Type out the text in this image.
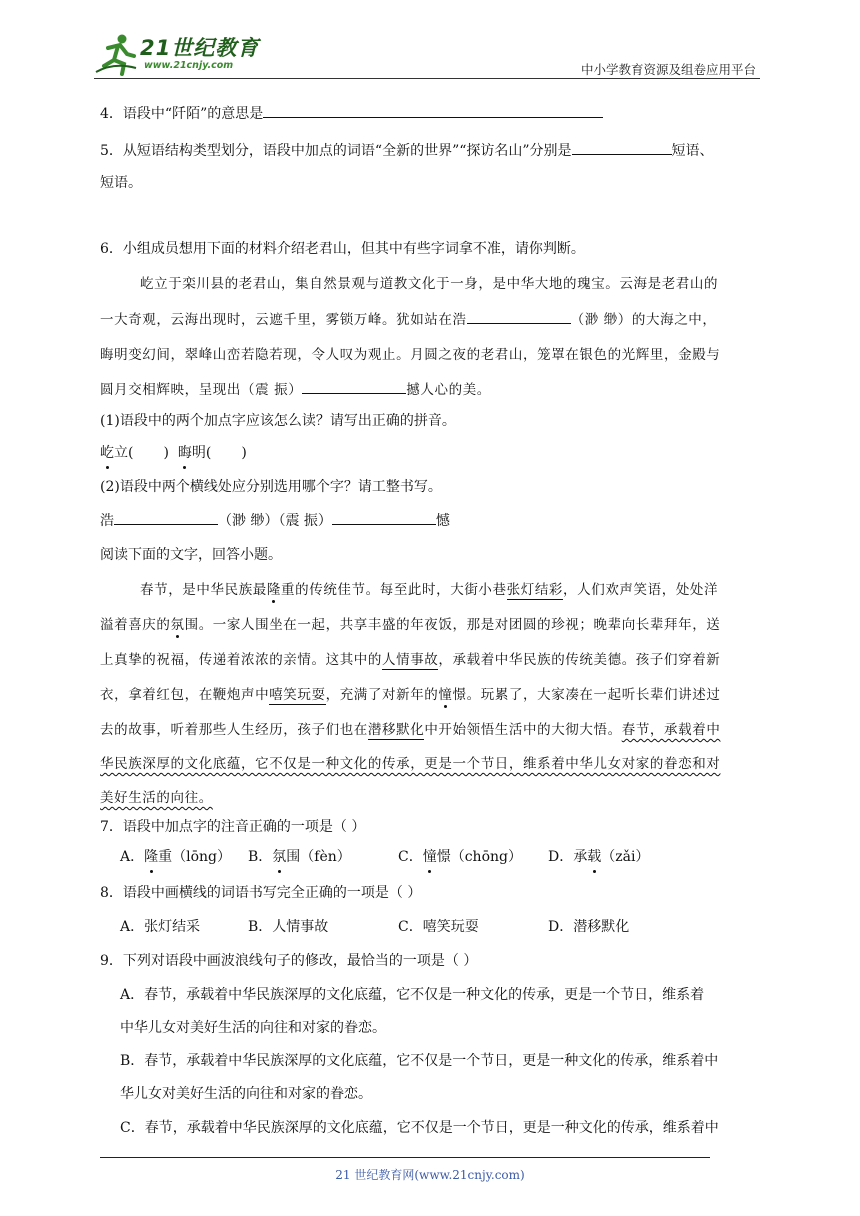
21世纪教育
www.21cnjy.com	中小学教育资源及组卷应用平台
4．语段中“阡陌”的意思是
5．从短语结构类型划分，语段中加点的词语“全新的世界”“探访名山”分别是	短语、
短语。
6．小组成员想用下面的材料介绍老君山，但其中有些字词拿不准，请你判断。
屹立于栾川县的老君山，集自然景观与道教文化于一身，是中华大地的瑰宝。云海是老君山的
一大奇观，云海出现时，云遮千里，雾锁万峰。犹如站在浩	（渺 缈）的大海之中，
晦明变幻间，翠峰山峦若隐若现，令人叹为观止。月圆之夜的老君山，笼罩在银色的光辉里，金殿与
圆月交相辉映，呈现出（震 振）	撼人心的美。
(1)语段中的两个加点字应该怎么读？请写出正确的拼音。
屹立( ) 晦明( )
(2)语段中两个横线处应分别选用哪个字？请工整书写。
浩	（渺 缈）（震 振）	憾
阅读下面的文字，回答小题。
春节，是中华民族最隆重的传统佳节。每至此时，大街小巷张灯结彩，人们欢声笑语，处处洋
溢着喜庆的氛围。一家人围坐在一起，共享丰盛的年夜饭，那是对团圆的珍视；晚辈向长辈拜年，送
上真挚的祝福，传递着浓浓的亲情。这其中的人情事故，承载着中华民族的传统美德。孩子们穿着新
衣，拿着红包，在鞭炮声中嘻笑玩耍，充满了对新年的憧憬。玩累了，大家凑在一起听长辈们讲述过
去的故事，听着那些人生经历，孩子们也在潜移默化中开始领悟生活中的大彻大悟。春节，承载着中
华民族深厚的文化底蕴，它不仅是一种文化的传承，更是一个节日，维系着中华儿女对家的眷恋和对
美好生活的向往。
7．语段中加点字的注音正确的一项是（ ）
A．隆重（lōng） B．氛围（fèn）	C．憧憬（chōng） D．承载（zǎi）
8．语段中画横线的词语书写完全正确的一项是（ ）
A．张灯结采	B．人情事故	C．嘻笑玩耍	D．潜移默化
9．下列对语段中画波浪线句子的修改，最恰当的一项是（ ）
A．春节，承载着中华民族深厚的文化底蕴，它不仅是一种文化的传承，更是一个节日，维系着
中华儿女对美好生活的向往和对家的眷恋。
B．春节，承载着中华民族深厚的文化底蕴，它不仅是一个节日，更是一种文化的传承，维系着中
华儿女对美好生活的向往和对家的眷恋。
C．春节，承载着中华民族深厚的文化底蕴，它不仅是一个节日，更是一种文化的传承，维系着中
21 世纪教育网(www.21cnjy.com)
